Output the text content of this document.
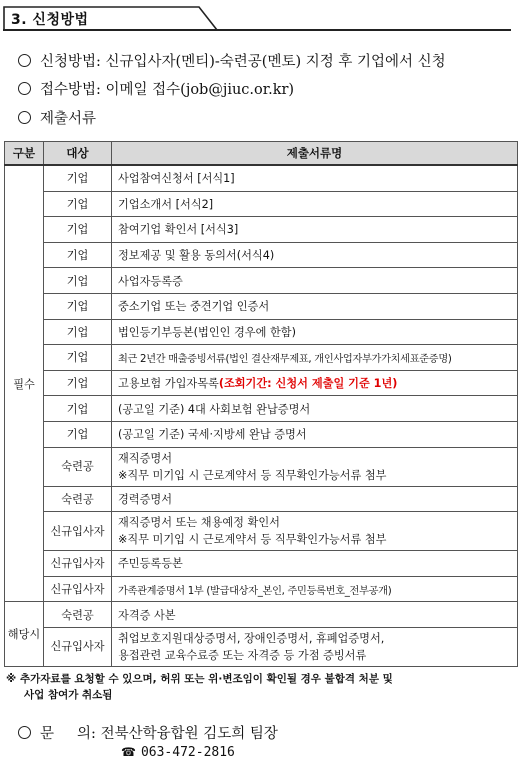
3. 신청방법
신청방법: 신규입사자(멘티)-숙련공(멘토) 지정 후 기업에서 신청
접수방법: 이메일 접수(job@jiuc.or.kr)
제출서류
구분	대상	제출서류명
필수	기업	사업참여신청서 [서식1]
	기업	기업소개서 [서식2]
	기업	참여기업 확인서 [서식3]
	기업	정보제공 및 활용 동의서(서식4)
	기업	사업자등록증
	기업	중소기업 또는 중견기업 인증서
	기업	법인등기부등본(법인인 경우에 한함)
	기업	최근 2년간 매출증빙서류(법인 결산재무제표, 개인사업자부가가치세표준증명)
	기업	고용보험 가입자목록(조회기간: 신청서 제출일 기준 1년)
	기업	(공고일 기준) 4대 사회보험 완납증명서
	기업	(공고일 기준) 국세·지방세 완납 증명서
	숙련공	재직증명서
※직무 미기입 시 근로계약서 등 직무확인가능서류 첨부

	숙련공	경력증명서
	신규입사자	재직증명서 또는 채용예정 확인서
※직무 미기입 시 근로계약서 등 직무확인가능서류 첨부

	신규입사자	주민등록등본
	신규입사자	가족관계증명서 1부 (발급대상자_본인, 주민등록번호_전부공개)
해당시	숙련공	자격증 사본
	신규입사자	취업보호지원대상증명서, 장애인증명서, 휴폐업증명서,
용접관련 교육수료증 또는 자격증 등 가점 증빙서류
※ 추가자료를 요청할 수 있으며, 허위 또는 위·변조임이 확인될 경우 불합격 처분 및
사업 참여가 취소됨
문     의: 전북산학융합원 김도희 팀장
☎ 063-472-2816
